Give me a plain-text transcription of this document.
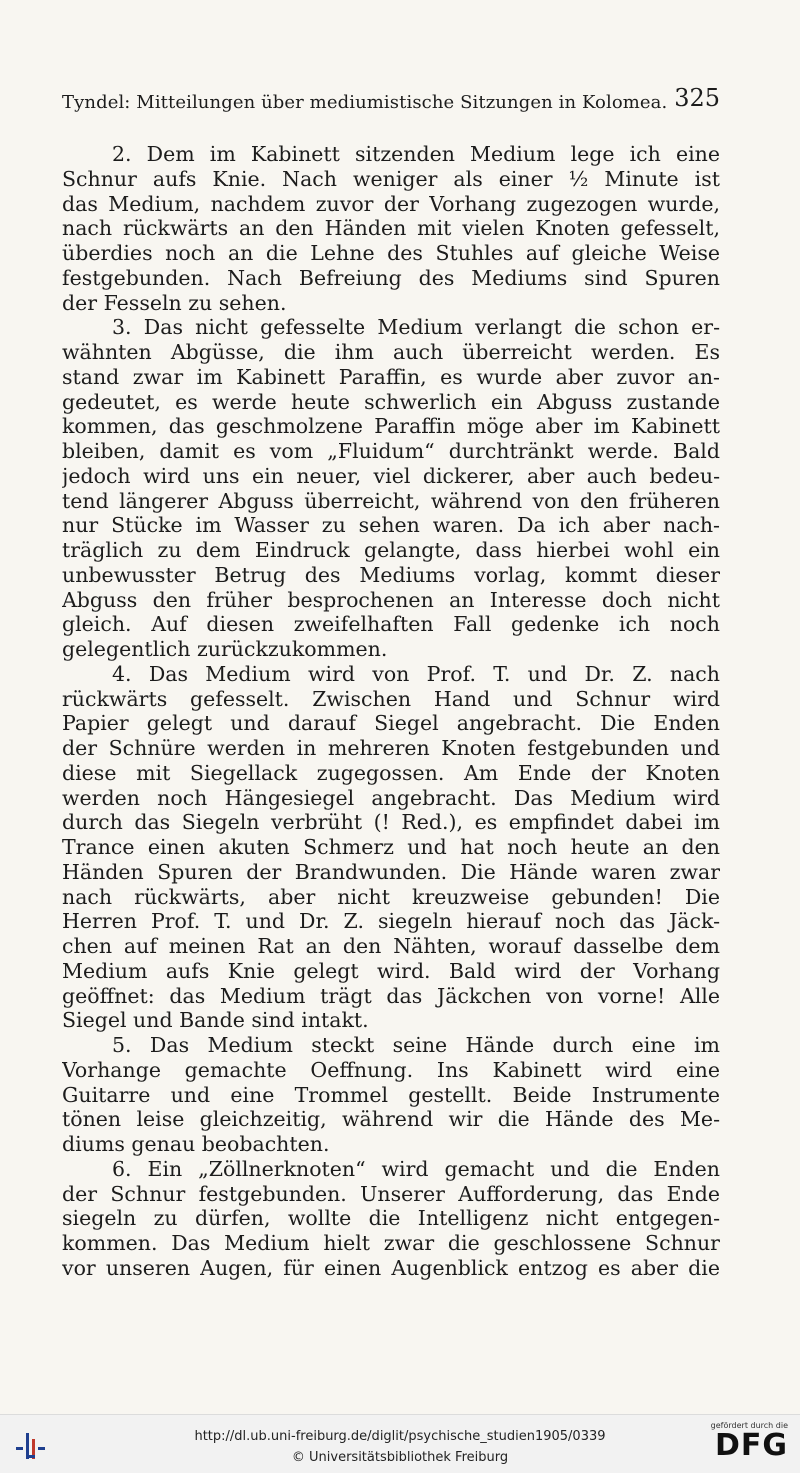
Tyndel: Mitteilungen über mediumistische Sitzungen in Kolomea. 325
2. Dem im Kabinett sitzenden Medium lege ich eine
Schnur aufs Knie. Nach weniger als einer ½ Minute ist
das Medium, nachdem zuvor der Vorhang zugezogen wurde,
nach rückwärts an den Händen mit vielen Knoten gefesselt,
überdies noch an die Lehne des Stuhles auf gleiche Weise
festgebunden. Nach Befreiung des Mediums sind Spuren
der Fesseln zu sehen.
3. Das nicht gefesselte Medium verlangt die schon er-
wähnten Abgüsse, die ihm auch überreicht werden. Es
stand zwar im Kabinett Paraffin, es wurde aber zuvor an-
gedeutet, es werde heute schwerlich ein Abguss zustande
kommen, das geschmolzene Paraffin möge aber im Kabinett
bleiben, damit es vom „Fluidum“ durchtränkt werde. Bald
jedoch wird uns ein neuer, viel dickerer, aber auch bedeu-
tend längerer Abguss überreicht, während von den früheren
nur Stücke im Wasser zu sehen waren. Da ich aber nach-
träglich zu dem Eindruck gelangte, dass hierbei wohl ein
unbewusster Betrug des Mediums vorlag, kommt dieser
Abguss den früher besprochenen an Interesse doch nicht
gleich. Auf diesen zweifelhaften Fall gedenke ich noch
gelegentlich zurückzukommen.
4. Das Medium wird von Prof. T. und Dr. Z. nach
rückwärts gefesselt. Zwischen Hand und Schnur wird
Papier gelegt und darauf Siegel angebracht. Die Enden
der Schnüre werden in mehreren Knoten festgebunden und
diese mit Siegellack zugegossen. Am Ende der Knoten
werden noch Hängesiegel angebracht. Das Medium wird
durch das Siegeln verbrüht (! Red.), es empfindet dabei im
Trance einen akuten Schmerz und hat noch heute an den
Händen Spuren der Brandwunden. Die Hände waren zwar
nach rückwärts, aber nicht kreuzweise gebunden! Die
Herren Prof. T. und Dr. Z. siegeln hierauf noch das Jäck-
chen auf meinen Rat an den Nähten, worauf dasselbe dem
Medium aufs Knie gelegt wird. Bald wird der Vorhang
geöffnet: das Medium trägt das Jäckchen von vorne! Alle
Siegel und Bande sind intakt.
5. Das Medium steckt seine Hände durch eine im
Vorhange gemachte Oeffnung. Ins Kabinett wird eine
Guitarre und eine Trommel gestellt. Beide Instrumente
tönen leise gleichzeitig, während wir die Hände des Me-
diums genau beobachten.
6. Ein „Zöllnerknoten“ wird gemacht und die Enden
der Schnur festgebunden. Unserer Aufforderung, das Ende
siegeln zu dürfen, wollte die Intelligenz nicht entgegen-
kommen. Das Medium hielt zwar die geschlossene Schnur
vor unseren Augen, für einen Augenblick entzog es aber die
http://dl.ub.uni-freiburg.de/diglit/psychische_studien1905/0339
© Universitätsbibliothek Freiburg
gefördert durch die
DFG
